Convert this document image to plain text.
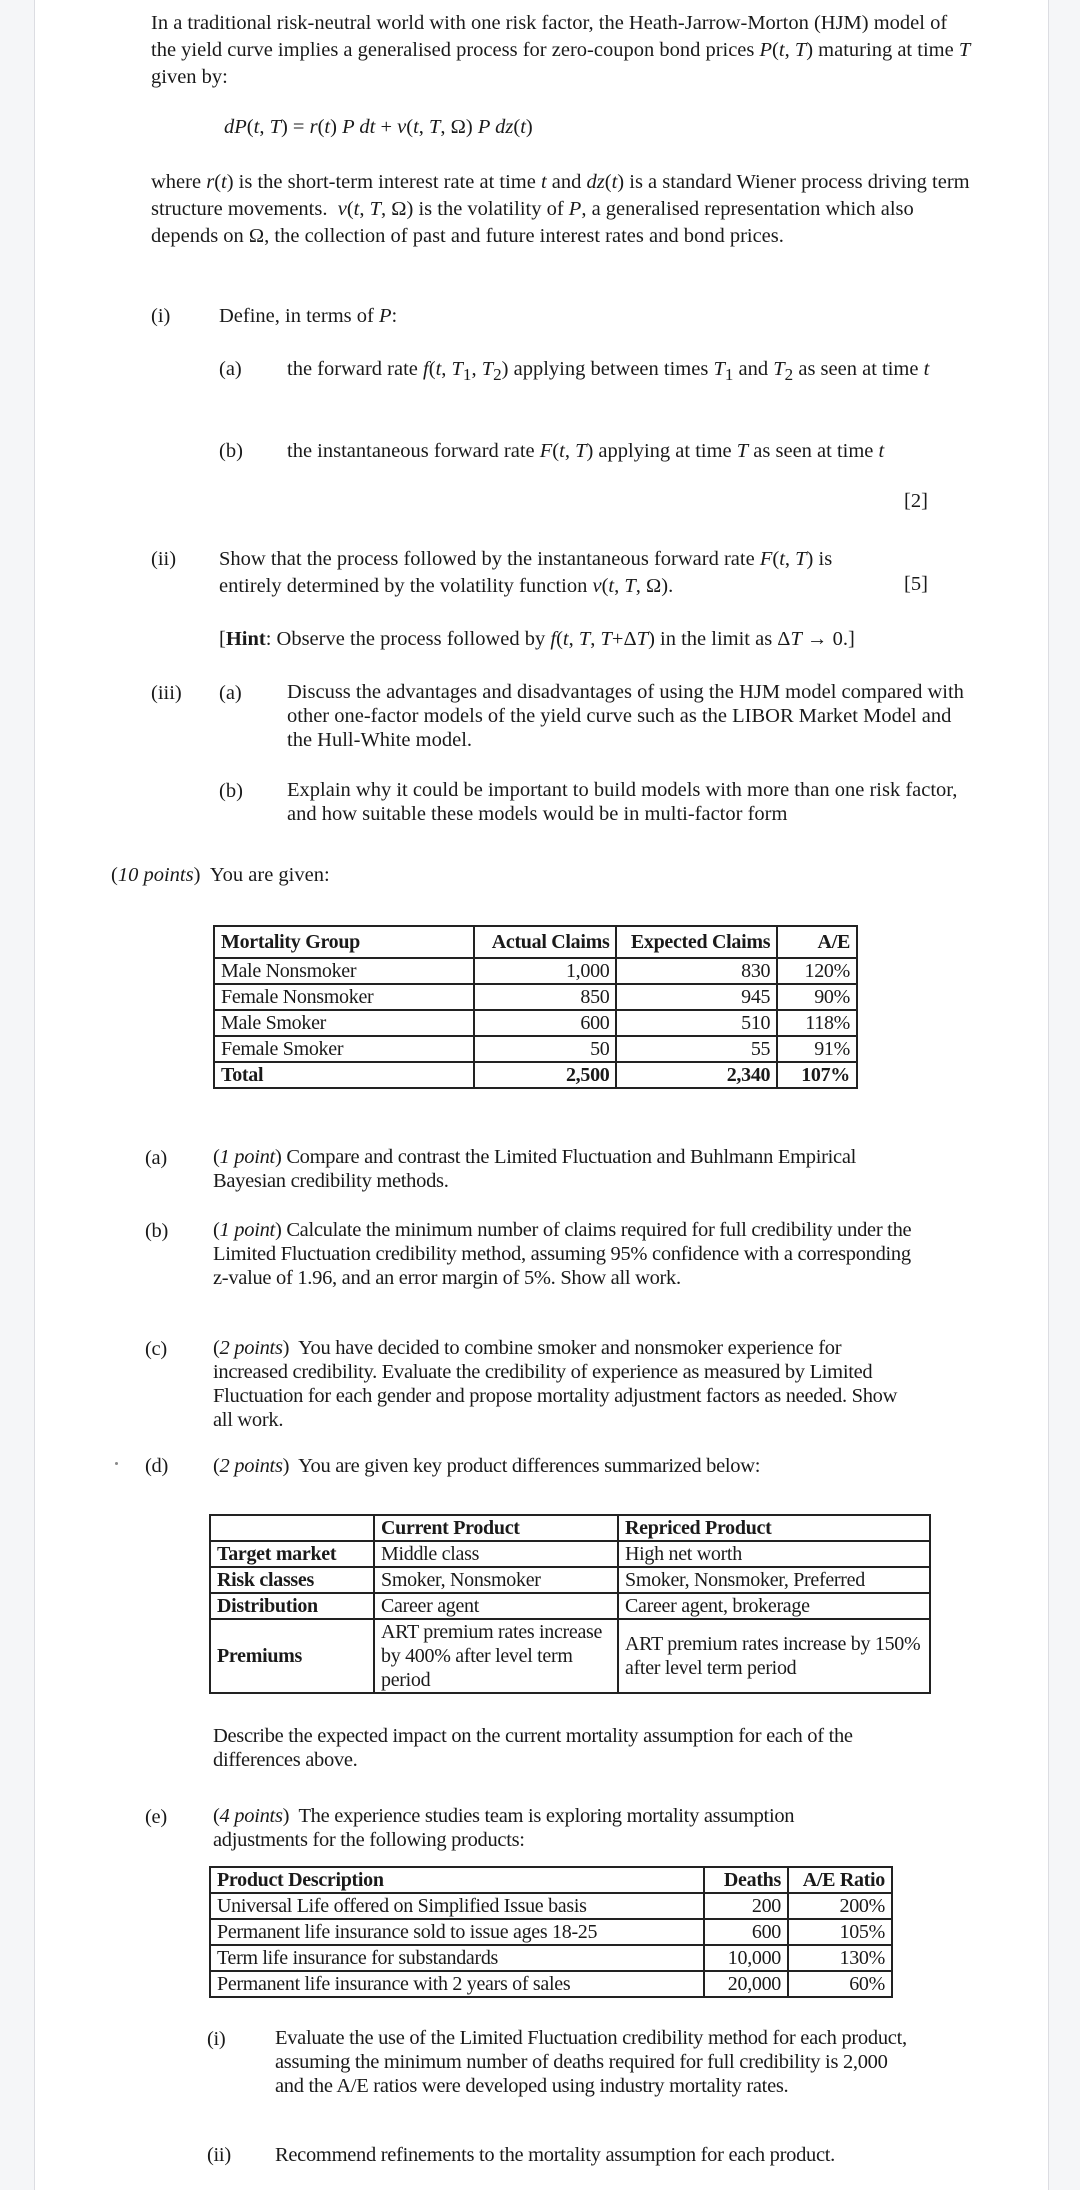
In a traditional risk-neutral world with one risk factor, the Heath-Jarrow-Morton (HJM) model of the yield curve implies a generalised process for zero-coupon bond prices P(t, T) maturing at time T given by:
dP(t, T) = r(t) P dt + v(t, T, Ω) P dz(t)
where r(t) is the short-term interest rate at time t and dz(t) is a standard Wiener process driving term structure movements.  v(t, T, Ω) is the volatility of P, a generalised representation which also depends on Ω, the collection of past and future interest rates and bond prices.
(i) Define, in terms of P:
(a) the forward rate f(t, $T_1$, $T_2$) applying between times $T_1$ and $T_2$ as seen at time t
(b) the instantaneous forward rate F(t, T) applying at time T as seen at time t
[2]
(ii) Show that the process followed by the instantaneous forward rate F(t, T) is entirely determined by the volatility function v(t, T, Ω).	[5]
[Hint: Observe the process followed by f(t, T, T+ΔT) in the limit as ΔT → 0.]
(iii) (a) Discuss the advantages and disadvantages of using the HJM model compared with other one-factor models of the yield curve such as the LIBOR Market Model and the Hull-White model.
(b) Explain why it could be important to build models with more than one risk factor, and how suitable these models would be in multi-factor form
(10 points)  You are given:
Mortality Group	Actual Claims	Expected Claims	A/E
Male Nonsmoker	1,000	830	120%
Female Nonsmoker	850	945	90%
Male Smoker	600	510	118%
Female Smoker	50	55	91%
Total	2,500	2,340	107%
(a) (1 point) Compare and contrast the Limited Fluctuation and Buhlmann Empirical Bayesian credibility methods.
(b) (1 point) Calculate the minimum number of claims required for full credibility under the Limited Fluctuation credibility method, assuming 95% confidence with a corresponding z-value of 1.96, and an error margin of 5%. Show all work.
(c) (2 points)  You have decided to combine smoker and nonsmoker experience for increased credibility. Evaluate the credibility of experience as measured by Limited Fluctuation for each gender and propose mortality adjustment factors as needed. Show all work.
(d) (2 points)  You are given key product differences summarized below:
	Current Product	Repriced Product
Target market	Middle class	High net worth
Risk classes	Smoker, Nonsmoker	Smoker, Nonsmoker, Preferred
Distribution	Career agent	Career agent, brokerage
Premiums	ART premium rates increase by 400% after level term period	ART premium rates increase by 150% after level term period
Describe the expected impact on the current mortality assumption for each of the differences above.
(e) (4 points)  The experience studies team is exploring mortality assumption adjustments for the following products:
Product Description	Deaths	A/E Ratio
Universal Life offered on Simplified Issue basis	200	200%
Permanent life insurance sold to issue ages 18-25	600	105%
Term life insurance for substandards	10,000	130%
Permanent life insurance with 2 years of sales	20,000	60%
(i) Evaluate the use of the Limited Fluctuation credibility method for each product, assuming the minimum number of deaths required for full credibility is 2,000 and the A/E ratios were developed using industry mortality rates.
(ii) Recommend refinements to the mortality assumption for each product.
